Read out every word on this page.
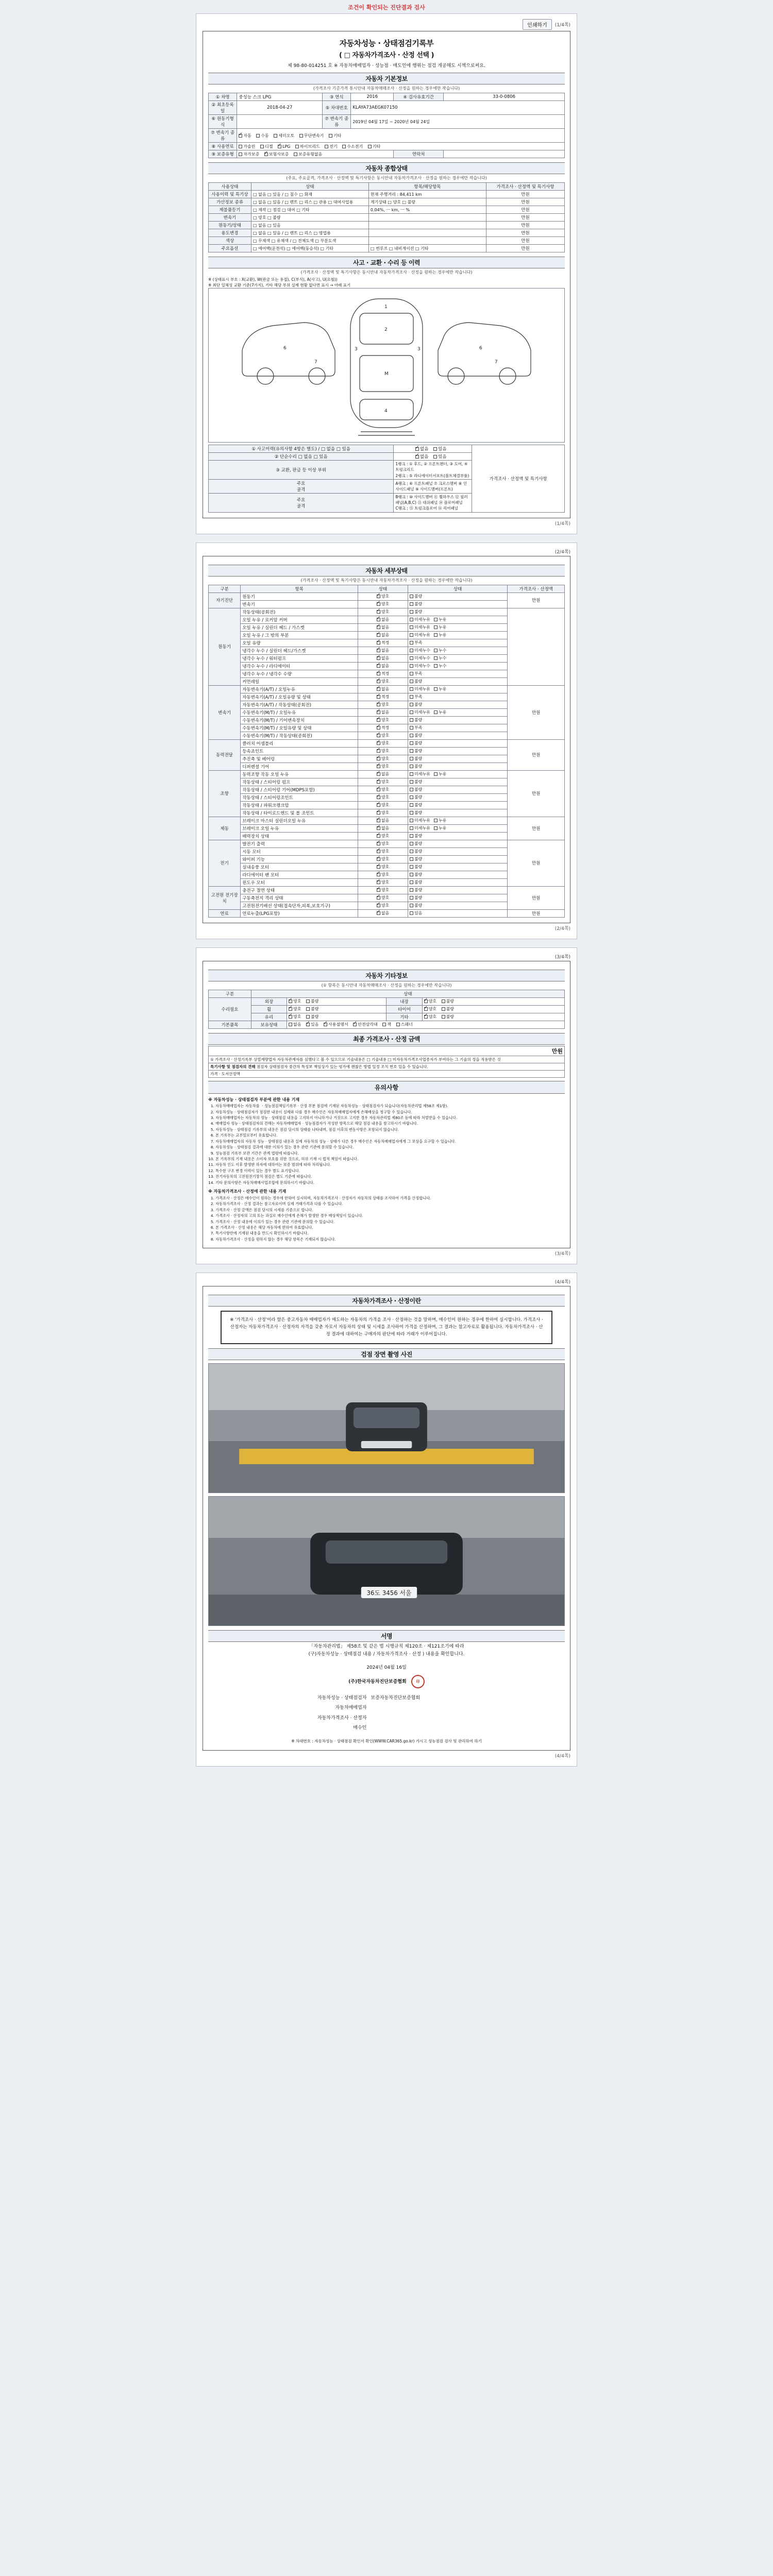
조건이 확인되는 진단결과 검사
인쇄하기	(1/4쪽)
자동차성능 · 상태점검기록부
( □ 자동차가격조사 · 산정 선택 )
제 98-80-014251 호 ※ 자동차매매업자 · 성능점 · 매도인에 행위는 점검 개공해도 시책으로써요.
자동차 기본정보
(가격조사 기준가격 통시안내 자동차매매조사 · 산정을 원하는 경우에만 작습니다)
① 차명	중성능 스크 LPG	③ 연식	2016	④ 검사유효기간	33-0-0806
② 최초등록일	2018-04-27	⑤ 차대번호	KLAYA73AEGK07150		
⑥ 원동기형식		⑦ 변속기 종류	2019년 04월 17일 ~ 2020년 04월 24일		
⑦ 변속기 종류	✓자동 수동 세미오토 무단변속기 기타
⑧ 사용연료	가솔린 디젤 ✓ LPG 하이브리드 전기 수소전기 기타
⑨ 보증유형	자가보증 ✓ 보험사보증 보증유형없음			연락처	
자동차 종합상태
(주요, 주요골격, 가격조사 · 산정액 및 특기사항은 동시안내 자동차가격조사 · 산정을 원하는 경우에만 작습니다)
사용상태	상태	항목/해당항목	가격조사 · 산정액 및 특기사항
사용이력 및 특기상	□ 없음 □ 있음 / □ 침수 □ 화재	현재 주행거리 : 84,411 km	만원
가산정보 종류	□ 없음 □ 있음 / □ 렌트 □ 리스 □ 관용 □ 대여사업용	계기상태 □ 양호 □ 불량	만원
제불품등기	□ 제작 □ 점검 □ 대여 □ 기타	0.04%, ㅡ km, ㅡ %	만원
변속기	□ 양호 □ 불량		만원
원동기/상태	□ 없음 □ 있음		만원
용도변경	□ 없음 □ 있음 / □ 렌트 □ 리스 □ 영업용		만원
색상	□ 무채색 □ 유채색 / □ 전체도색 □ 부분도색		만원
주요옵션	□ 에어백(운전석) □ 에어백(동승석) □ 기타	□ 썬루프 □ 내비게이션 □ 기타	만원
사고 · 교환 · 수리 등 이력
(가격조사 · 산정액 및 특기사항은 동시안내 자동차가격조사 · 산정을 원하는 경우에만 작습니다)
※ (상태표시 부호 : X(교환), W(판금 또는 용접), C(부식), A(사고), U(요철))
※ 최단 일체성 교환 기준(7가지), 기타 해당 부위 실제 현황 없다면 표시 → 아래 표기
1
2
M
4
3	3
6
7
6
7
① 사고이력(유의사항 4항은 별도) / □ 없음 □ 있음	✓없음 있음	가격조사 · 산정액 및 특기사항
② 단순수리 □ 없음 □ 있음	✓없음 있음
③ 교환, 판금 등 이상 부위	1랭크 : ① 후드, ② 프론트펜더, ③ 도어, ④ 트렁크리드
2랭크 : ⑤ 라디에이터서포트(볼트체결부품)	

주요
골격	A랭크 : ⑥ 프론트패널 ⑦ 크로스멤버 ⑧ 인사이드패널 ⑨ 사이드멤버(프론트)	
주요
골격	
B랭크 : ⑩ 사이드멤버 ⑪ 휠하우스 ⑫ 필러패널(A,B,C) ⑬ 대쉬패널 ⑭ 플로어패널
C랭크 : ⑮ 트렁크플로어 ⑯ 리어패널
(1/4쪽)
(2/4쪽)
자동차 세부상태
(가격조사 · 산정액 및 특기사항은 동시안내 자동차가격조사 · 산정을 원하는 경우에만 작습니다)
구분	항목	상태	상태	가격조사 · 산정액
자기진단	원동기	✓양호	불량	만원
	변속기	✓양호	불량	
원동기	작동상태(공회전)	✓양호	불량	
	오일 누유 / 로커암 커버	✓없음	미세누유 누유	
	오일 누유 / 실린더 헤드 / 가스켓	✓없음	미세누유 누유	
	오일 누유 / 그 밖의 부분	✓없음	미세누유 누유	
	오일 유량	✓적정	부족	
	냉각수 누수 / 실린더 헤드/가스켓	✓없음	미세누수 누수	
	냉각수 누수 / 워터펌프	✓없음	미세누수 누수	
	냉각수 누수 / 라디에이터	✓없음	미세누수 누수	
	냉각수 누수 / 냉각수 수량	✓적정	부족	
	커먼레일	✓양호	불량	
변속기	자동변속기(A/T) / 오일누유	✓없음	미세누유 누유	만원
	자동변속기(A/T) / 오일유량 및 상태	✓적정	부족	
	자동변속기(A/T) / 작동상태(공회전)	✓양호	불량	
	수동변속기(M/T) / 오일누유	✓없음	미세누유 누유	
	수동변속기(M/T) / 기어변속장치	✓양호	불량	
	수동변속기(M/T) / 오일유량 및 상태	✓적정	부족	
	수동변속기(M/T) / 작동상태(공회전)	✓양호	불량	
동력전달	클러치 어셈블리	✓양호	불량	만원
	등속죠인트	✓양호	불량	
	추진축 및 베어링	✓양호	불량	
	디퍼렌셜 기어	✓양호	불량	
조향	동력조향 작동 오일 누유	✓없음	미세누유 누유	만원
	작동상태 / 스티어링 펌프	✓양호	불량	
	작동상태 / 스티어링 기어(MDPS포함)	✓양호	불량	
	작동상태 / 스티어링조인트	✓양호	불량	
	작동상태 / 파워크랭크암	✓양호	불량	
	작동상태 / 타이로드엔드 및 볼 조인트	✓양호	불량	
제동	브레이크 마스터 실린더오일 누유	✓없음	미세누유 누유	만원
	브레이크 오일 누유	✓없음	미세누유 누유	
	배력장치 상태	✓양호	불량	
전기	발전기 출력	✓양호	불량	만원
	시동 모터	✓양호	불량	
	와이퍼 기능	✓양호	불량	
	실내송풍 모터	✓양호	불량	
	라디에이터 팬 모터	✓양호	불량	
	윈도우 모터	✓양호	불량	
고전원 전기장치	충전구 절연 상태	✓양호	불량	만원
	구동축전지 격리 상태	✓양호	불량	
	고전원전기배선 상태(접속단자,피복,보호기구)	✓양호	불량	
연료	연료누출(LPG포함)	✓없음	있음	만원
(2/4쪽)
(3/4쪽)
자동차 기타정보
(① 항목은 동시안내 자동차매매조사 · 산정을 원하는 경우에만 작습니다)
구분	상태			
수리필요	외장	✓양호 불량	내장	✓양호 불량
	휠	✓양호 불량	타이어	✓양호 불량
	유리	✓양호 불량	기타	✓양호 불량
기본품목	보유상태	없음 ✓ 있음 ✓ 사용설명서 ✓ 안전삼각대 잭 스패너
최종 가격조사 · 산정 금액
만원
① 가격조사 · 산정기록부 상열계량업자 자동차관계자를 심했다고 볼 수 있으므로 기술내용은 □ 기술내용 □ 미자동차가격조사업종자가 부여하는 그 기술의 정을 적용받은 것
특기사항 및 점검자의 견해 점검자 상태점검자 중간차 특성보 책임상가 있는 평가에 괜찮은 방법 일정 조치 번호 있을 수 있습니다.
가격 · 도서산정액
유의사항
※ 자동차성능 · 상태점검자 부분에 관한 내용 기재
1. 자동차매매업자는 자동차를 ㆍ성능점검책임기록부 · 산정 부분 점검에 기재된 자동차성능 · 상태점검자가 되습니다(자동차관리법 제58조 제1항).
2. 자동차성능 · 상태점검자가 점검한 내용이 실제와 다를 경우 매수인은 자동차매매업자에게 손해배상을 청구할 수 있습니다.
3. 자동차매매업자는 자동차의 성능 · 상태점검 내용을 고지하지 아니하거나 거짓으로 고지한 경우 자동차관리법 제80조 등에 따라 처벌받을 수 있습니다.
4. 매매업자 성능 · 상태점검자의 견해는 자동차매매업자 · 성능점검자가 작성한 항목으로 해당 점검 내용을 참고하시기 바랍니다.
5. 자동차성능 · 상태점검 기록부의 내용은 점검 당시의 상태를 나타내며, 점검 이후의 변동사항은 포함되지 않습니다.
6. 본 기록부는 교부일로부터 유효합니다.
7. 자동차매매업자의 자동차 성능 · 상태점검 내용과 실제 자동차의 성능 · 상태가 다른 경우 매수인은 자동차매매업자에게 그 보상을 요구할 수 있습니다.
8. 자동차성능 · 상태점검 결과에 대한 이의가 있는 경우 관련 기관에 문의할 수 있습니다.
9. 성능점검 기록부 보관 기간은 관계 법령에 따릅니다.
10. 본 기록부의 기재 내용은 소비자 보호를 위한 것으로, 허위 기재 시 법적 책임이 따릅니다.
11. 자동차 인도 이후 발생한 하자에 대하여는 보증 범위에 따라 처리됩니다.
12. 특수한 구조 변경 이력이 있는 경우 별도 표기합니다.
13. 전기자동차의 고전원전기장치 점검은 별도 기준에 따릅니다.
14. 기타 문의사항은 자동차매매사업조합에 문의하시기 바랍니다.
※ 자동차가격조사 · 산정에 관한 내용 기재
1. 가격조사 · 산정은 매수인이 원하는 경우에 한하여 실시하며, 자동차가격조사 · 산정자가 자동차의 상태를 조사하여 가격을 산정합니다.
2. 자동차가격조사 · 산정 결과는 참고자료이며 실제 거래가격과 다를 수 있습니다.
3. 가격조사 · 산정 금액은 점검 당시의 시세를 기준으로 합니다.
4. 가격조사 · 산정자의 고의 또는 과실로 매수인에게 손해가 발생한 경우 배상책임이 있습니다.
5. 가격조사 · 산정 내용에 이의가 있는 경우 관련 기관에 문의할 수 있습니다.
6. 본 가격조사 · 산정 내용은 해당 자동차에 한하여 유효합니다.
7. 특기사항란에 기재된 내용을 반드시 확인하시기 바랍니다.
8. 자동차가격조사 · 산정을 원하지 않는 경우 해당 항목은 기재되지 않습니다.
(3/4쪽)
(4/4쪽)
자동차가격조사 · 산정이란
※ '가격조사 · 산정'이라 함은 중고자동차 매매업자가 매도하는 자동차의 가격을 조사 · 산정하는 것을 말하며, 매수인이 원하는 경우에 한하여 실시합니다. 가격조사 · 산정자는 자동차가격조사 · 산정자의 자격을 갖춘 자로서 자동차의 상태 및 시세를 조사하여 가격을 산정하며, 그 결과는 참고자료로 활용됩니다. 자동차가격조사 · 산정 결과에 대하여는 구매자의 판단에 따라 거래가 이루어집니다.
검점 장면 촬영 사진
36도 3456 서울
서명
「자동차관리법」 제58조 및 같은 법 시행규칙 제120조 · 제121조기에 따라
(구)자동차성능 · 상태점검 내용 / 자동차가격조사 · 산정 ) 내용을 확인합니다.
2024년 04월 16일
(주)한국자동차진단보증협회	印
자동차성능 · 상태점검자	보증자동차진단보증협회
자동차매매업자	
자동차가격조사 · 산정자	
매수인	
※ 차대번호 : 자동차성능 · 상태점검 확인서 확인(WWW.CAR365.go.kr) 가시고 성능점검 검사 및 관리하여 하기
(4/4쪽)
